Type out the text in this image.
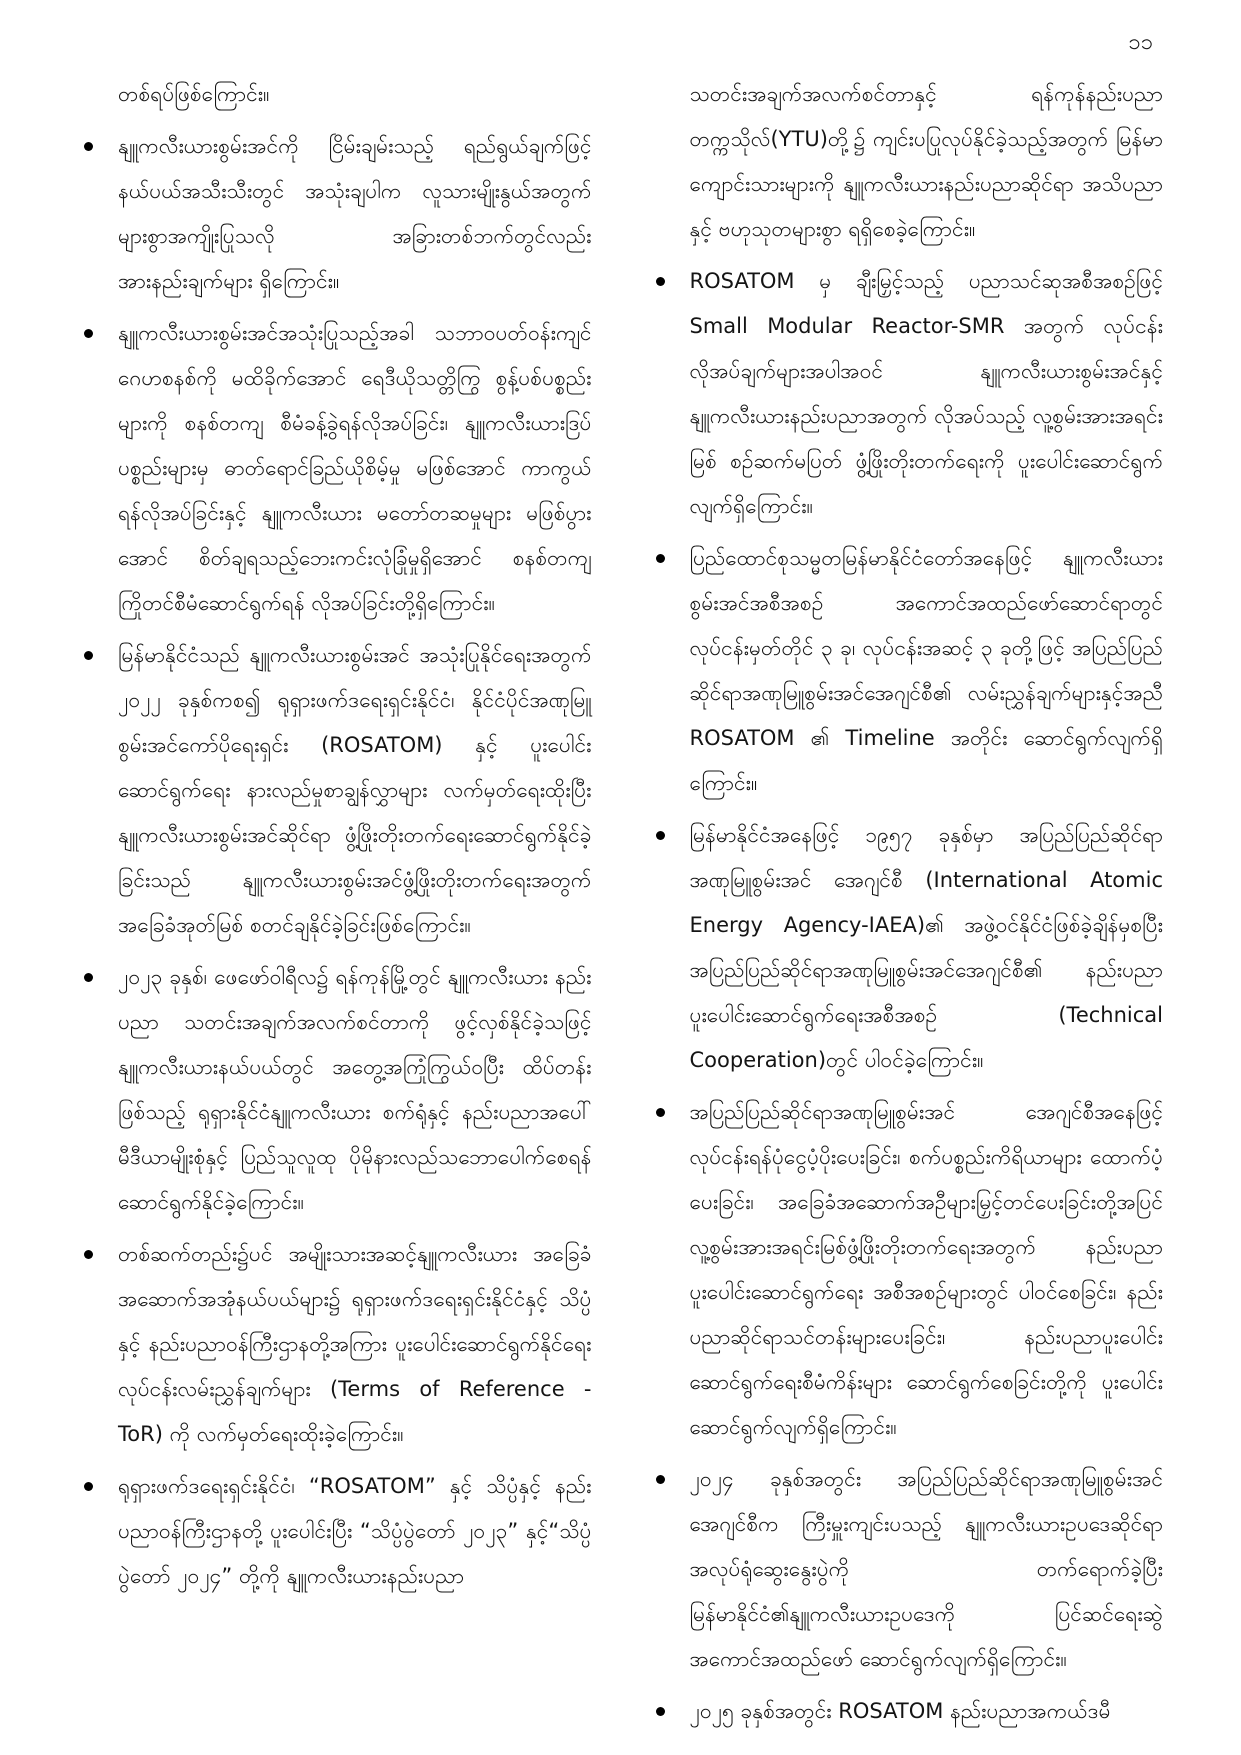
၁၁
တစ်ရပ်ဖြစ်ကြောင်း။
နျူကလီးယားစွမ်းအင်ကို ငြိမ်းချမ်းသည့် ရည်ရွယ်ချက်ဖြင့် နယ်ပယ်အသီးသီးတွင် အသုံးချပါက လူသားမျိုးနွယ်အတွက် များစွာအကျိုးပြုသလို အခြားတစ်ဘက်တွင်လည်း အားနည်းချက်များ ရှိကြောင်း။
နျူကလီးယားစွမ်းအင်အသုံးပြုသည့်အခါ သဘာဝပတ်ဝန်းကျင်ဂေဟစနစ်ကို မထိခိုက်အောင် ရေဒီယိုသတ္တိကြွ စွန့်ပစ်ပစ္စည်းများကို စနစ်တကျ စီမံခန့်ခွဲရန်လိုအပ်ခြင်း၊ နျူကလီးယားဒြပ်ပစ္စည်းများမှ ဓာတ်ရောင်ခြည်ယိုစိမ့်မှု မဖြစ်အောင် ကာကွယ်ရန်လိုအပ်ခြင်းနှင့် နျူကလီးယား မတော်တဆမှုများ မဖြစ်ပွားအောင် စိတ်ချရသည့်ဘေးကင်းလုံခြုံမှုရှိအောင် စနစ်တကျ ကြိုတင်စီမံဆောင်ရွက်ရန် လိုအပ်ခြင်းတို့ရှိကြောင်း။
မြန်မာနိုင်ငံသည် နျူကလီးယားစွမ်းအင် အသုံးပြုနိုင်ရေးအတွက် ၂၀၂၂ ခုနှစ်ကစ၍ ရုရှားဖက်ဒရေးရှင်းနိုင်ငံ၊ နိုင်ငံပိုင်အဏုမြူစွမ်းအင်ကော်ပိုရေးရှင်း (ROSATOM) နှင့် ပူးပေါင်းဆောင်ရွက်ရေး နားလည်မှုစာချွန်လွှာများ လက်မှတ်ရေးထိုးပြီး နျူကလီးယားစွမ်းအင်ဆိုင်ရာ ဖွံ့ဖြိုးတိုးတက်ရေးဆောင်ရွက်နိုင်ခဲ့ခြင်းသည် နျူကလီးယားစွမ်းအင်ဖွံ့ဖြိုးတိုးတက်ရေးအတွက် အခြေခံအုတ်မြစ် စတင်ချနိုင်ခဲ့ခြင်းဖြစ်ကြောင်း။
၂၀၂၃ ခုနှစ်၊ ဖေဖော်ဝါရီလ၌ ရန်ကုန်မြို့တွင် နျူကလီးယား နည်းပညာ သတင်းအချက်အလက်စင်တာကို ဖွင့်လှစ်နိုင်ခဲ့သဖြင့် နျူကလီးယားနယ်ပယ်တွင် အတွေ့အကြုံကြွယ်ဝပြီး ထိပ်တန်းဖြစ်သည့် ရုရှားနိုင်ငံနျူကလီးယား စက်ရုံနှင့် နည်းပညာအပေါ် မီဒီယာမျိုးစုံနှင့် ပြည်သူလူထု ပိုမိုနားလည်သဘောပေါက်စေရန် ဆောင်ရွက်နိုင်ခဲ့ကြောင်း။
တစ်ဆက်တည်း၌ပင် အမျိုးသားအဆင့်နျူကလီးယား အခြေခံအဆောက်အအုံနယ်ပယ်များ၌ ရုရှားဖက်ဒရေးရှင်းနိုင်ငံနှင့် သိပ္ပံနှင့် နည်းပညာဝန်ကြီးဌာနတို့အကြား ပူးပေါင်းဆောင်ရွက်နိုင်ရေး လုပ်ငန်းလမ်းညွှန်ချက်များ (Terms of Reference - ToR) ကို လက်မှတ်ရေးထိုးခဲ့ကြောင်း။
ရုရှားဖက်ဒရေးရှင်းနိုင်ငံ၊ “ROSATOM” နှင့် သိပ္ပံနှင့် နည်းပညာဝန်ကြီးဌာနတို့ ပူးပေါင်းပြီး “သိပ္ပံပွဲတော် ၂၀၂၃” နှင့်“သိပ္ပံပွဲတော် ၂၀၂၄” တို့ကို နျူကလီးယားနည်းပညာ
သတင်းအချက်အလက်စင်တာနှင့် ရန်ကုန်နည်းပညာ တက္ကသိုလ်(YTU)တို့၌ ကျင်းပပြုလုပ်နိုင်ခဲ့သည့်အတွက် မြန်မာကျောင်းသားများကို နျူကလီးယားနည်းပညာဆိုင်ရာ အသိပညာနှင့် ဗဟုသုတများစွာ ရရှိစေခဲ့ကြောင်း။
ROSATOM မှ ချီးမြှင့်သည့် ပညာသင်ဆုအစီအစဉ်ဖြင့် Small Modular Reactor-SMR အတွက် လုပ်ငန်းလိုအပ်ချက်များအပါအဝင် နျူကလီးယားစွမ်းအင်နှင့် နျူကလီးယားနည်းပညာအတွက် လိုအပ်သည့် လူ့စွမ်းအားအရင်းမြစ် စဉ်ဆက်မပြတ် ဖွံ့ဖြိုးတိုးတက်ရေးကို ပူးပေါင်းဆောင်ရွက်လျက်ရှိကြောင်း။
ပြည်ထောင်စုသမ္မတမြန်မာနိုင်ငံတော်အနေဖြင့် နျူကလီးယားစွမ်းအင်အစီအစဉ် အကောင်အထည်ဖော်ဆောင်ရာတွင် လုပ်ငန်းမှတ်တိုင် ၃ ခု၊ လုပ်ငန်းအဆင့် ၃ ခုတို့ဖြင့် အပြည်ပြည်ဆိုင်ရာအဏုမြူစွမ်းအင်အေဂျင်စီ၏ လမ်းညွှန်ချက်များနှင့်အညီ ROSATOM ၏ Timeline အတိုင်း ဆောင်ရွက်လျက်ရှိကြောင်း။
မြန်မာနိုင်ငံအနေဖြင့် ၁၉၅၇ ခုနှစ်မှာ အပြည်ပြည်ဆိုင်ရာအဏုမြူစွမ်းအင် အေဂျင်စီ (International Atomic Energy Agency-IAEA)၏ အဖွဲ့ဝင်နိုင်ငံဖြစ်ခဲ့ချိန်မှစပြီး အပြည်ပြည်ဆိုင်ရာအဏုမြူစွမ်းအင်အေဂျင်စီ၏ နည်းပညာ ပူးပေါင်းဆောင်ရွက်ရေးအစီအစဉ် (Technical Cooperation)တွင် ပါဝင်ခဲ့ကြောင်း။
အပြည်ပြည်ဆိုင်ရာအဏုမြူစွမ်းအင် အေဂျင်စီအနေဖြင့် လုပ်ငန်းရန်ပုံငွေပံ့ပိုးပေးခြင်း၊ စက်ပစ္စည်းကိရိယာများ ထောက်ပံ့ပေးခြင်း၊ အခြေခံအဆောက်အဦများမြှင့်တင်ပေးခြင်းတို့အပြင် လူ့စွမ်းအားအရင်းမြစ်ဖွံ့ဖြိုးတိုးတက်ရေးအတွက် နည်းပညာ ပူးပေါင်းဆောင်ရွက်ရေး အစီအစဉ်များတွင် ပါဝင်စေခြင်း၊ နည်းပညာဆိုင်ရာသင်တန်းများပေးခြင်း၊ နည်းပညာပူးပေါင်းဆောင်ရွက်ရေးစီမံကိန်းများ ဆောင်ရွက်စေခြင်းတို့ကို ပူးပေါင်းဆောင်ရွက်လျက်ရှိကြောင်း။
၂၀၂၄ ခုနှစ်အတွင်း အပြည်ပြည်ဆိုင်ရာအဏုမြူစွမ်းအင်အေဂျင်စီက ကြီးမှူးကျင်းပသည့် နျူကလီးယားဥပဒေဆိုင်ရာ အလုပ်ရုံဆွေးနွေးပွဲကို တက်ရောက်ခဲ့ပြီး မြန်မာနိုင်ငံ၏နျူကလီးယားဥပဒေကို ပြင်ဆင်ရေးဆွဲအကောင်အထည်ဖော် ဆောင်ရွက်လျက်ရှိကြောင်း။
၂၀၂၅ ခုနှစ်အတွင်း ROSATOM နည်းပညာအကယ်ဒမီ
